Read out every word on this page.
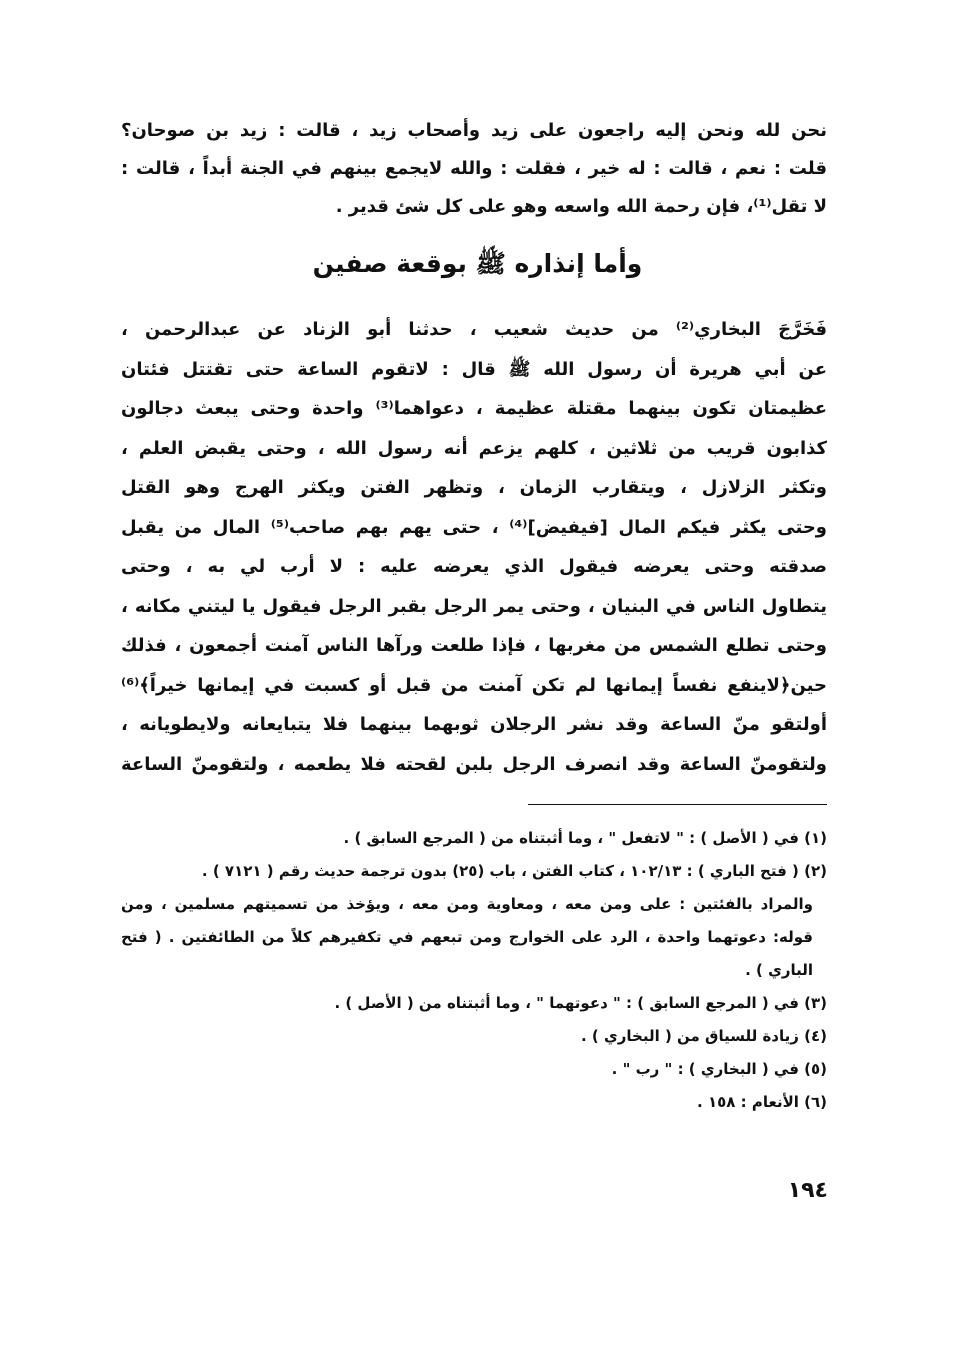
نحن لله ونحن إليه راجعون على زيد وأصحاب زيد ، قالت : زيد بن صوحان؟
قلت : نعم ، قالت : له خير ، فقلت : والله لايجمع بينهم في الجنة أبداً ، قالت :
لا تقل⁽¹⁾، فإن رحمة الله واسعه وهو على كل شئ قدير .
وأما إنذاره ﷺ بوقعة صفين
فَخَرَّجَ البخاري⁽²⁾ من حديث شعيب ، حدثنا أبو الزناد عن عبدالرحمن ،
عن أبي هريرة أن رسول الله ﷺ قال : لاتقوم الساعة حتى تقتتل فئتان
عظيمتان تكون بينهما مقتلة عظيمة ، دعواهما⁽³⁾ واحدة وحتى يبعث دجالون
كذابون قريب من ثلاثين ، كلهم يزعم أنه رسول الله ، وحتى يقبض العلم ،
وتكثر الزلازل ، ويتقارب الزمان ، وتظهر الفتن ويكثر الهرج وهو القتل
وحتى يكثر فيكم المال [فيفيض]⁽⁴⁾ ، حتى يهم بهم صاحب⁽⁵⁾ المال من يقبل
صدقته وحتى يعرضه فيقول الذي يعرضه عليه : لا أرب لي به ، وحتى
يتطاول الناس في البنيان ، وحتى يمر الرجل بقبر الرجل فيقول يا ليتني مكانه ،
وحتى تطلع الشمس من مغربها ، فإذا طلعت ورآها الناس آمنت أجمعون ، فذلك
حين﴿لاينفع نفساً إيمانها لم تكن آمنت من قبل أو كسبت في إيمانها خيراً﴾⁽⁶⁾
أولتقو منّ الساعة وقد نشر الرجلان ثوبهما بينهما فلا يتبايعانه ولايطويانه ،
ولتقومنّ الساعة وقد انصرف الرجل بلبن لقحته فلا يطعمه ، ولتقومنّ الساعة
(١) في ( الأصل ) : " لاتفعل " ، وما أثبتناه من ( المرجع السابق ) .
(٢) ( فتح الباري ) : ١٠٢/١٣ ، كتاب الفتن ، باب (٢٥) بدون ترجمة حديث رقم ( ٧١٢١ ) .
والمراد بالفئتين : على ومن معه ، ومعاوية ومن معه ، ويؤخذ من تسميتهم مسلمين ، ومن
قوله: دعوتهما واحدة ، الرد على الخوارج ومن تبعهم في تكفيرهم كلاً من الطائفتين . ( فتح
الباري ) .
(٣) في ( المرجع السابق ) : " دعوتهما " ، وما أثبتناه من ( الأصل ) .
(٤) زيادة للسياق من ( البخاري ) .
(٥) في ( البخاري ) : " رب " .
(٦) الأنعام : ١٥٨ .
١٩٤
